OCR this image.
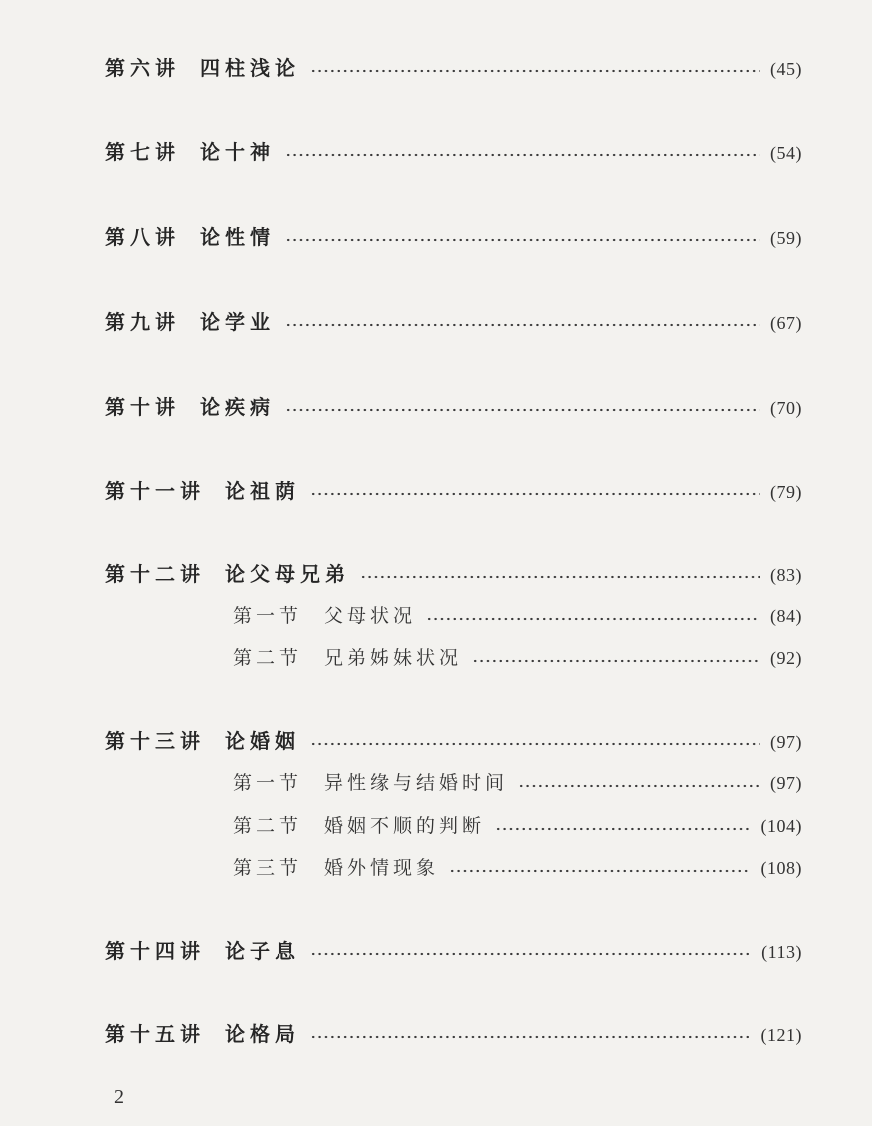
第六讲 四柱浅论	(45)
第七讲 论十神	(54)
第八讲 论性情	(59)
第九讲 论学业	(67)
第十讲 论疾病	(70)
第十一讲 论祖荫	(79)
第十二讲 论父母兄弟	(83)
第一节 父母状况	(84)
第二节 兄弟姊妹状况	(92)
第十三讲 论婚姻	(97)
第一节 异性缘与结婚时间	(97)
第二节 婚姻不顺的判断	(104)
第三节 婚外情现象	(108)
第十四讲 论子息	(113)
第十五讲 论格局	(121)
2
